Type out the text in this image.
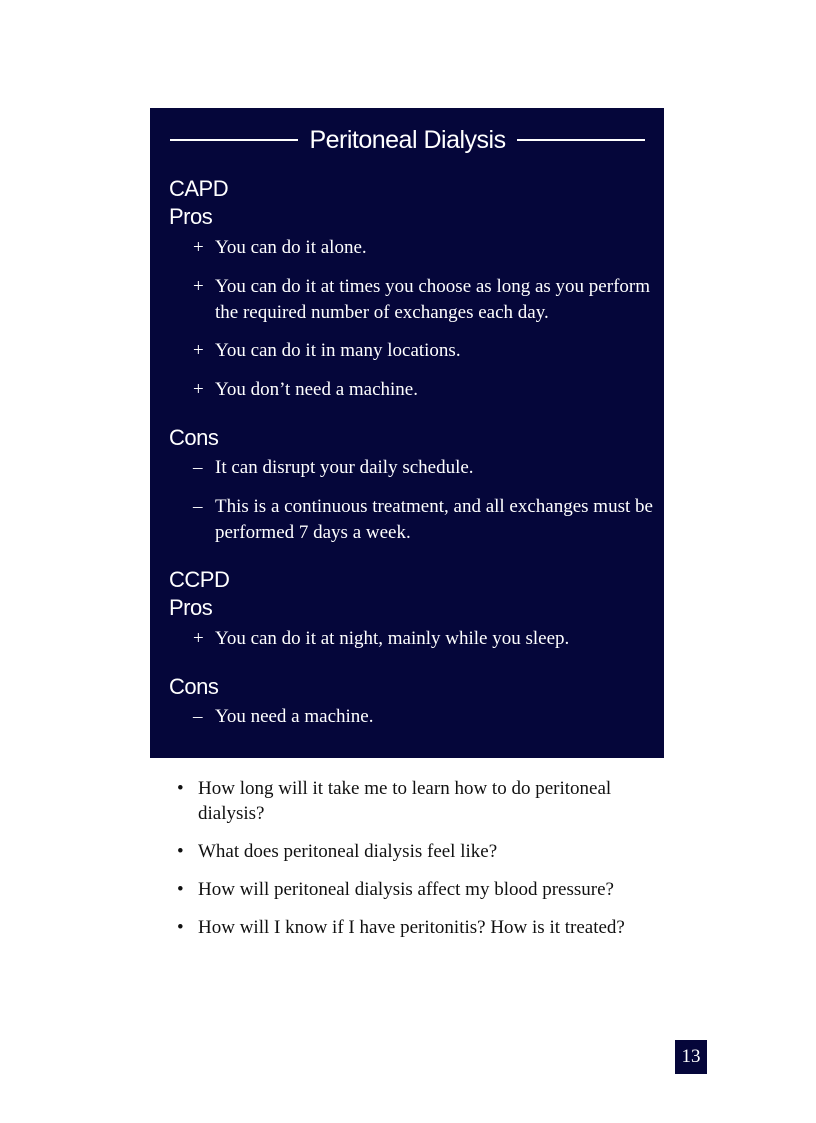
Peritoneal Dialysis
CAPD
Pros
+ You can do it alone.
+ You can do it at times you choose as long as you perform the required number of exchanges each day.
+ You can do it in many locations.
+ You don’t need a machine.
Cons
– It can disrupt your daily schedule.
– This is a continuous treatment, and all exchanges must be performed 7 days a week.
CCPD
Pros
+ You can do it at night, mainly while you sleep.
Cons
– You need a machine.
• How long will it take me to learn how to do peritoneal dialysis?
• What does peritoneal dialysis feel like?
• How will peritoneal dialysis affect my blood pressure?
• How will I know if I have peritonitis? How is it treated?
13
